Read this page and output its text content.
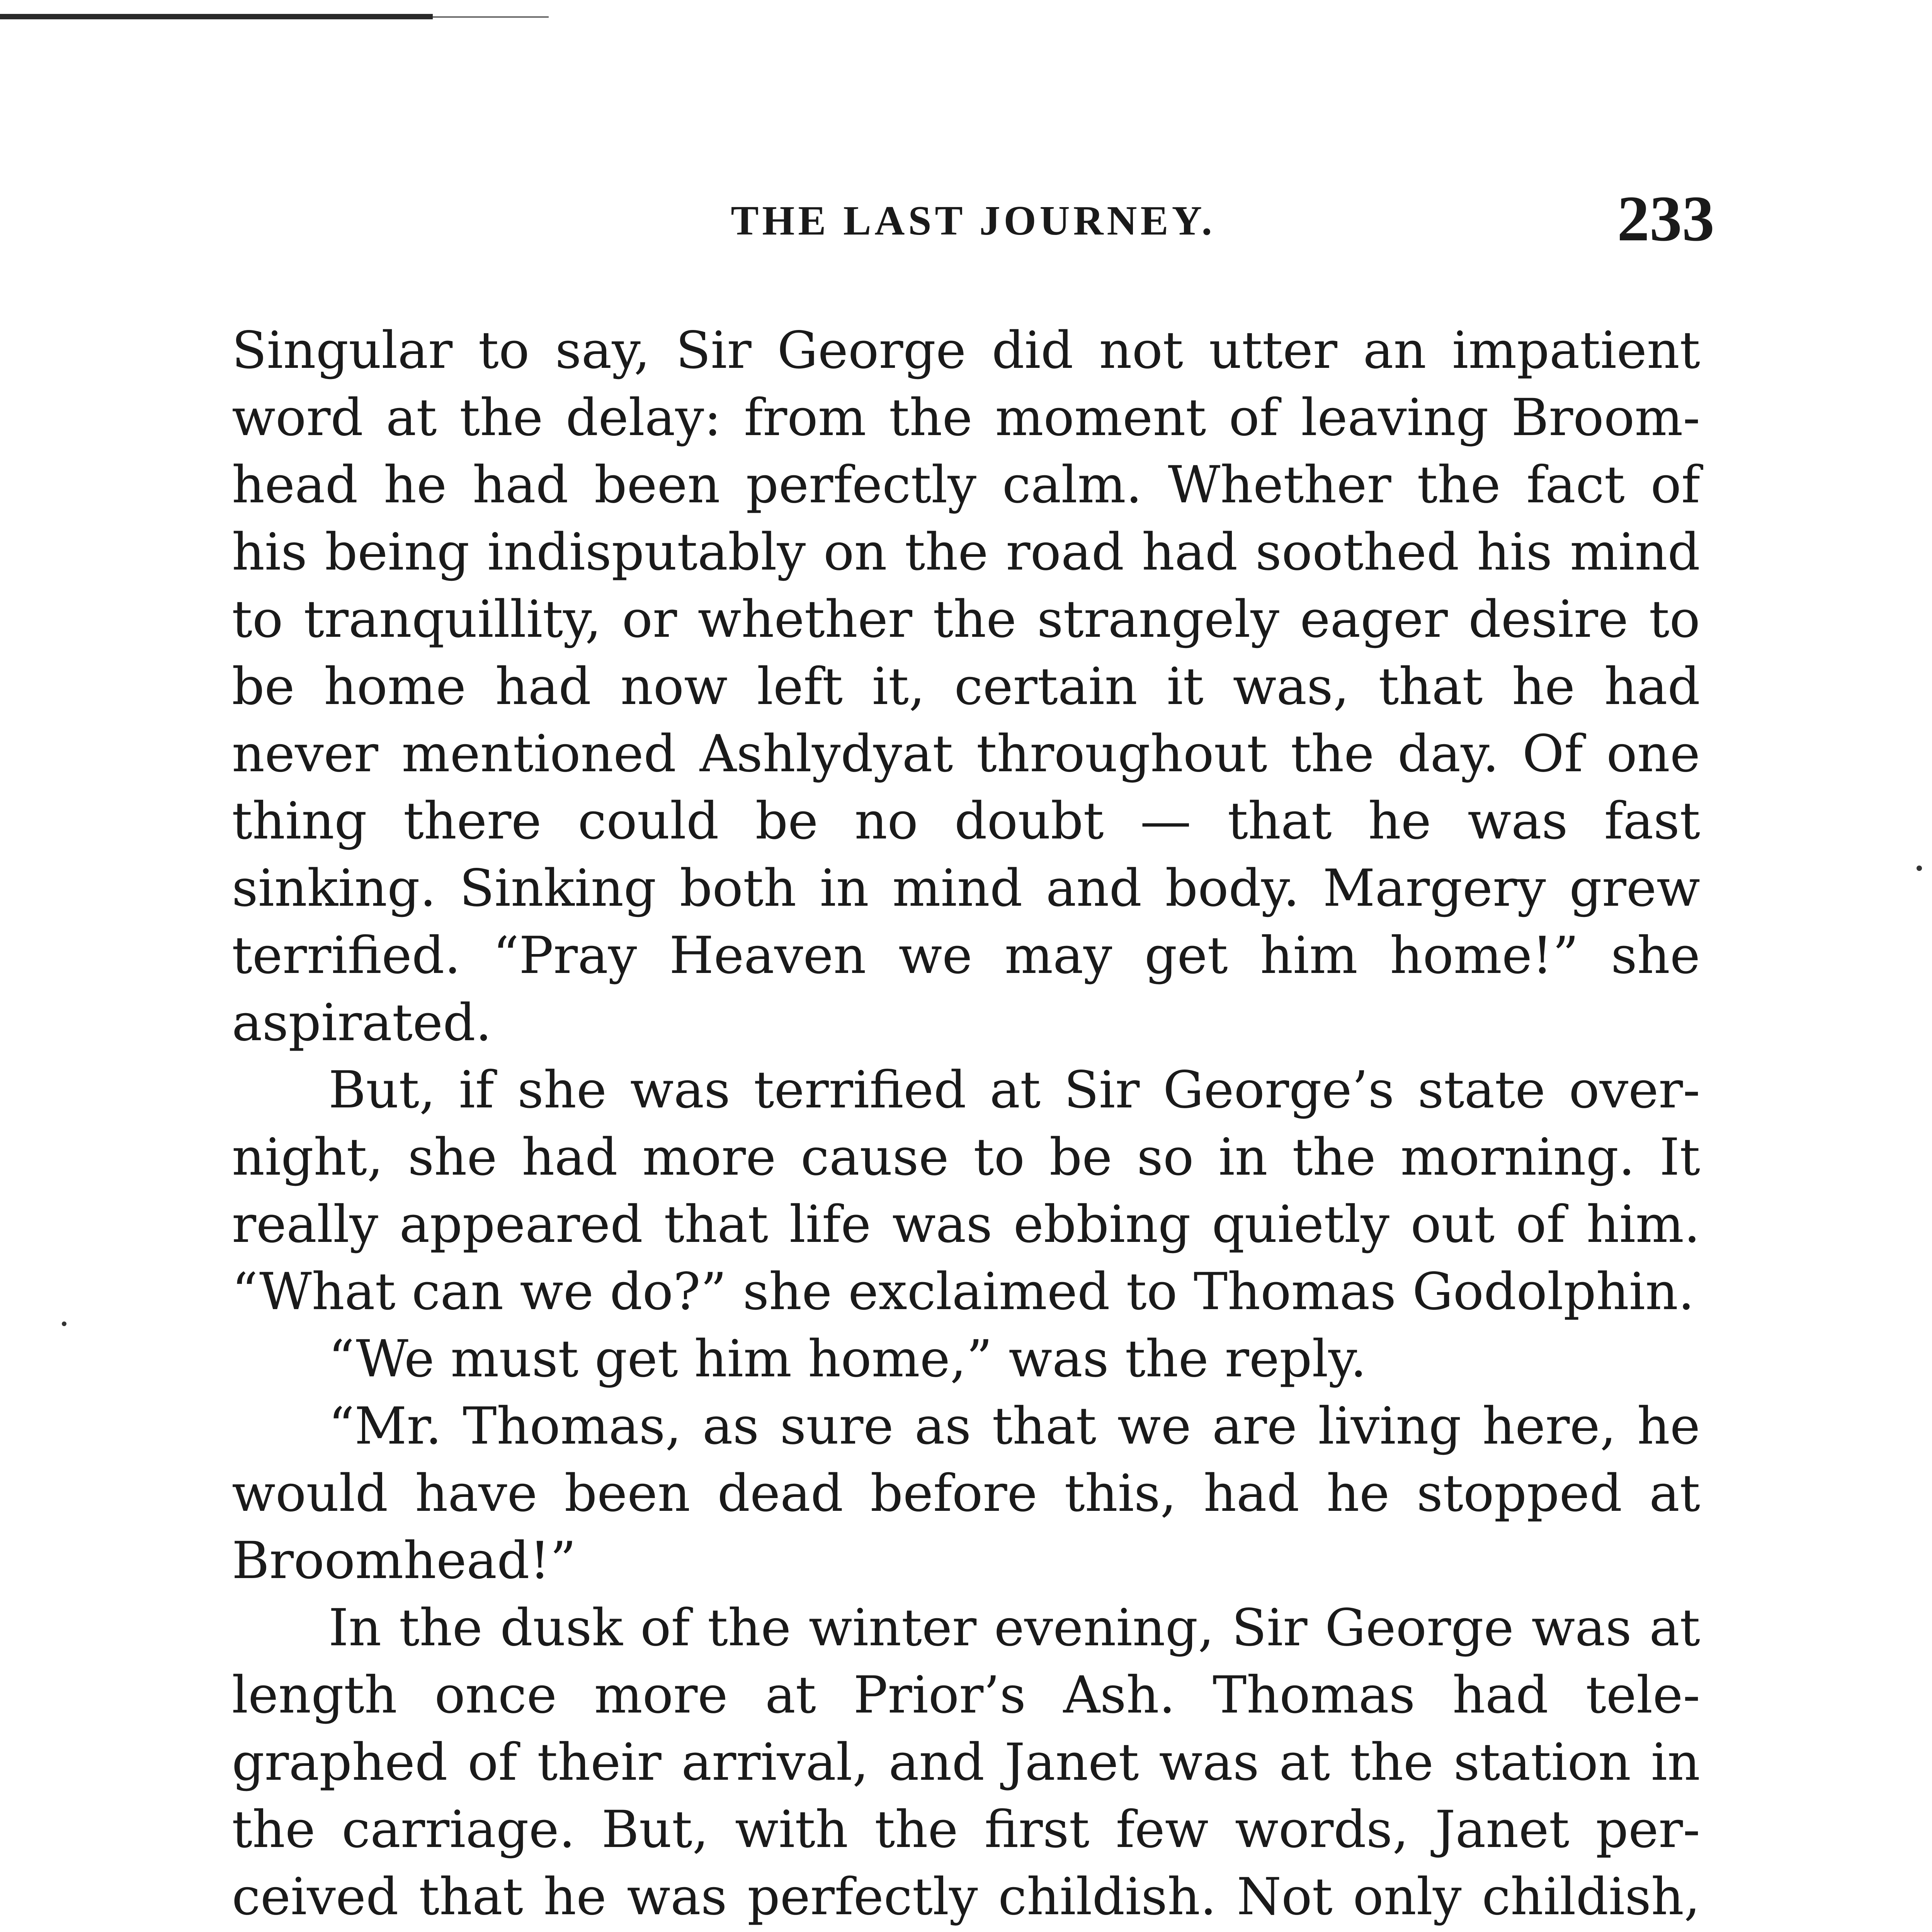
THE LAST JOURNEY.	233

Singular to say, Sir George did not utter an impatient word at the delay: from the moment of leaving Broom-head he had been perfectly calm. Whether the fact of his being indisputably on the road had soothed his mind to tranquillity, or whether the strangely eager desire to be home had now left it, certain it was, that he had never mentioned Ashlydyat throughout the day. Of one thing there could be no doubt — that he was fast sinking. Sinking both in mind and body. Margery grew terrified. “Pray Heaven we may get him home!” she aspirated.

But, if she was terrified at Sir George’s state over-night, she had more cause to be so in the morning. It really appeared that life was ebbing quietly out of him. “What can we do?” she exclaimed to Thomas Godolphin.

“We must get him home,” was the reply.

“Mr. Thomas, as sure as that we are living here, he would have been dead before this, had he stopped at Broomhead!”

In the dusk of the winter evening, Sir George was at length once more at Prior’s Ash. Thomas had tele-graphed of their arrival, and Janet was at the station in the carriage. But, with the first few words, Janet per-ceived that he was perfectly childish. Not only childish,
